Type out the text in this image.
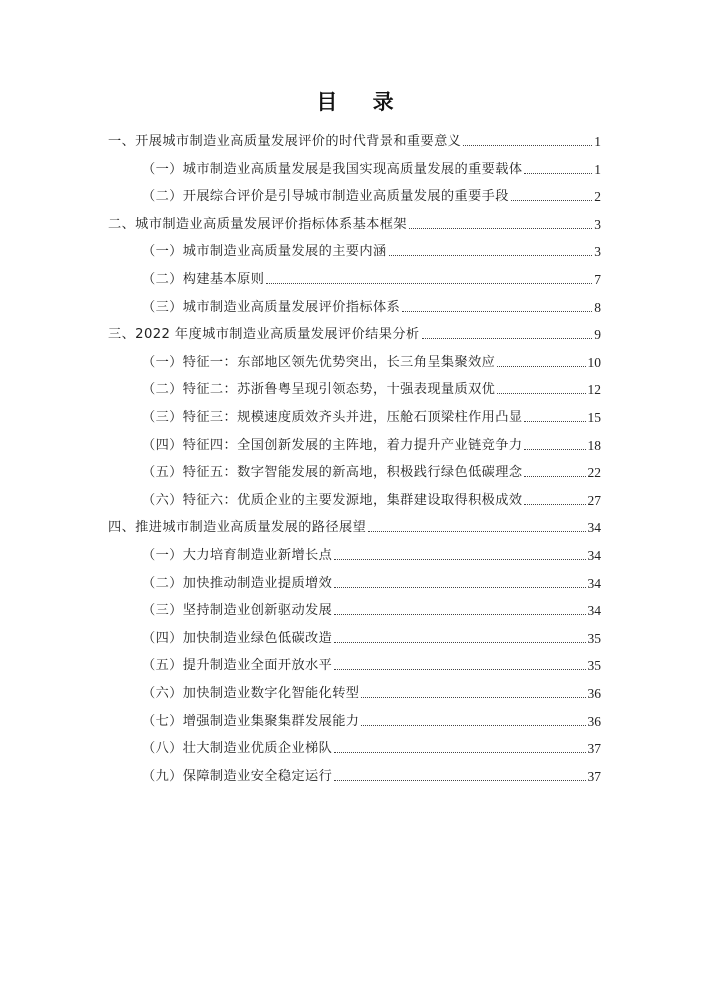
目 录
一、开展城市制造业高质量发展评价的时代背景和重要意义	1
（一）城市制造业高质量发展是我国实现高质量发展的重要载体	1
（二）开展综合评价是引导城市制造业高质量发展的重要手段	2
二、城市制造业高质量发展评价指标体系基本框架	3
（一）城市制造业高质量发展的主要内涵	3
（二）构建基本原则	7
（三）城市制造业高质量发展评价指标体系	8
三、2022 年度城市制造业高质量发展评价结果分析	9
（一）特征一：东部地区领先优势突出，长三角呈集聚效应	10
（二）特征二：苏浙鲁粤呈现引领态势，十强表现量质双优	12
（三）特征三：规模速度质效齐头并进，压舱石顶梁柱作用凸显	15
（四）特征四：全国创新发展的主阵地，着力提升产业链竞争力	18
（五）特征五：数字智能发展的新高地，积极践行绿色低碳理念	22
（六）特征六：优质企业的主要发源地，集群建设取得积极成效	27
四、推进城市制造业高质量发展的路径展望	34
（一）大力培育制造业新增长点	34
（二）加快推动制造业提质增效	34
（三）坚持制造业创新驱动发展	34
（四）加快制造业绿色低碳改造	35
（五）提升制造业全面开放水平	35
（六）加快制造业数字化智能化转型	36
（七）增强制造业集聚集群发展能力	36
（八）壮大制造业优质企业梯队	37
（九）保障制造业安全稳定运行	37
